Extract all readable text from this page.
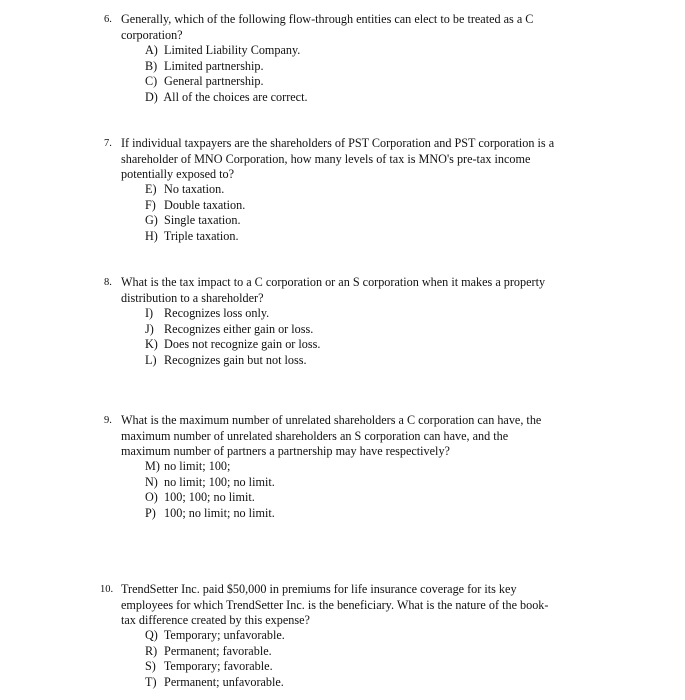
6. Generally, which of the following flow-through entities can elect to be treated as a C
corporation?
A) Limited Liability Company.
B) Limited partnership.
C) General partnership.
D) All of the choices are correct.
7. If individual taxpayers are the shareholders of PST Corporation and PST corporation is a
shareholder of MNO Corporation, how many levels of tax is MNO's pre-tax income
potentially exposed to?
E) No taxation.
F) Double taxation.
G) Single taxation.
H) Triple taxation.
8. What is the tax impact to a C corporation or an S corporation when it makes a property
distribution to a shareholder?
I) Recognizes loss only.
J) Recognizes either gain or loss.
K) Does not recognize gain or loss.
L) Recognizes gain but not loss.
9. What is the maximum number of unrelated shareholders a C corporation can have, the
maximum number of unrelated shareholders an S corporation can have, and the
maximum number of partners a partnership may have respectively?
M) no limit; 100;
N) no limit; 100; no limit.
O) 100; 100; no limit.
P) 100; no limit; no limit.
10. TrendSetter Inc. paid $50,000 in premiums for life insurance coverage for its key
employees for which TrendSetter Inc. is the beneficiary. What is the nature of the book-
tax difference created by this expense?
Q) Temporary; unfavorable.
R) Permanent; favorable.
S) Temporary; favorable.
T) Permanent; unfavorable.
